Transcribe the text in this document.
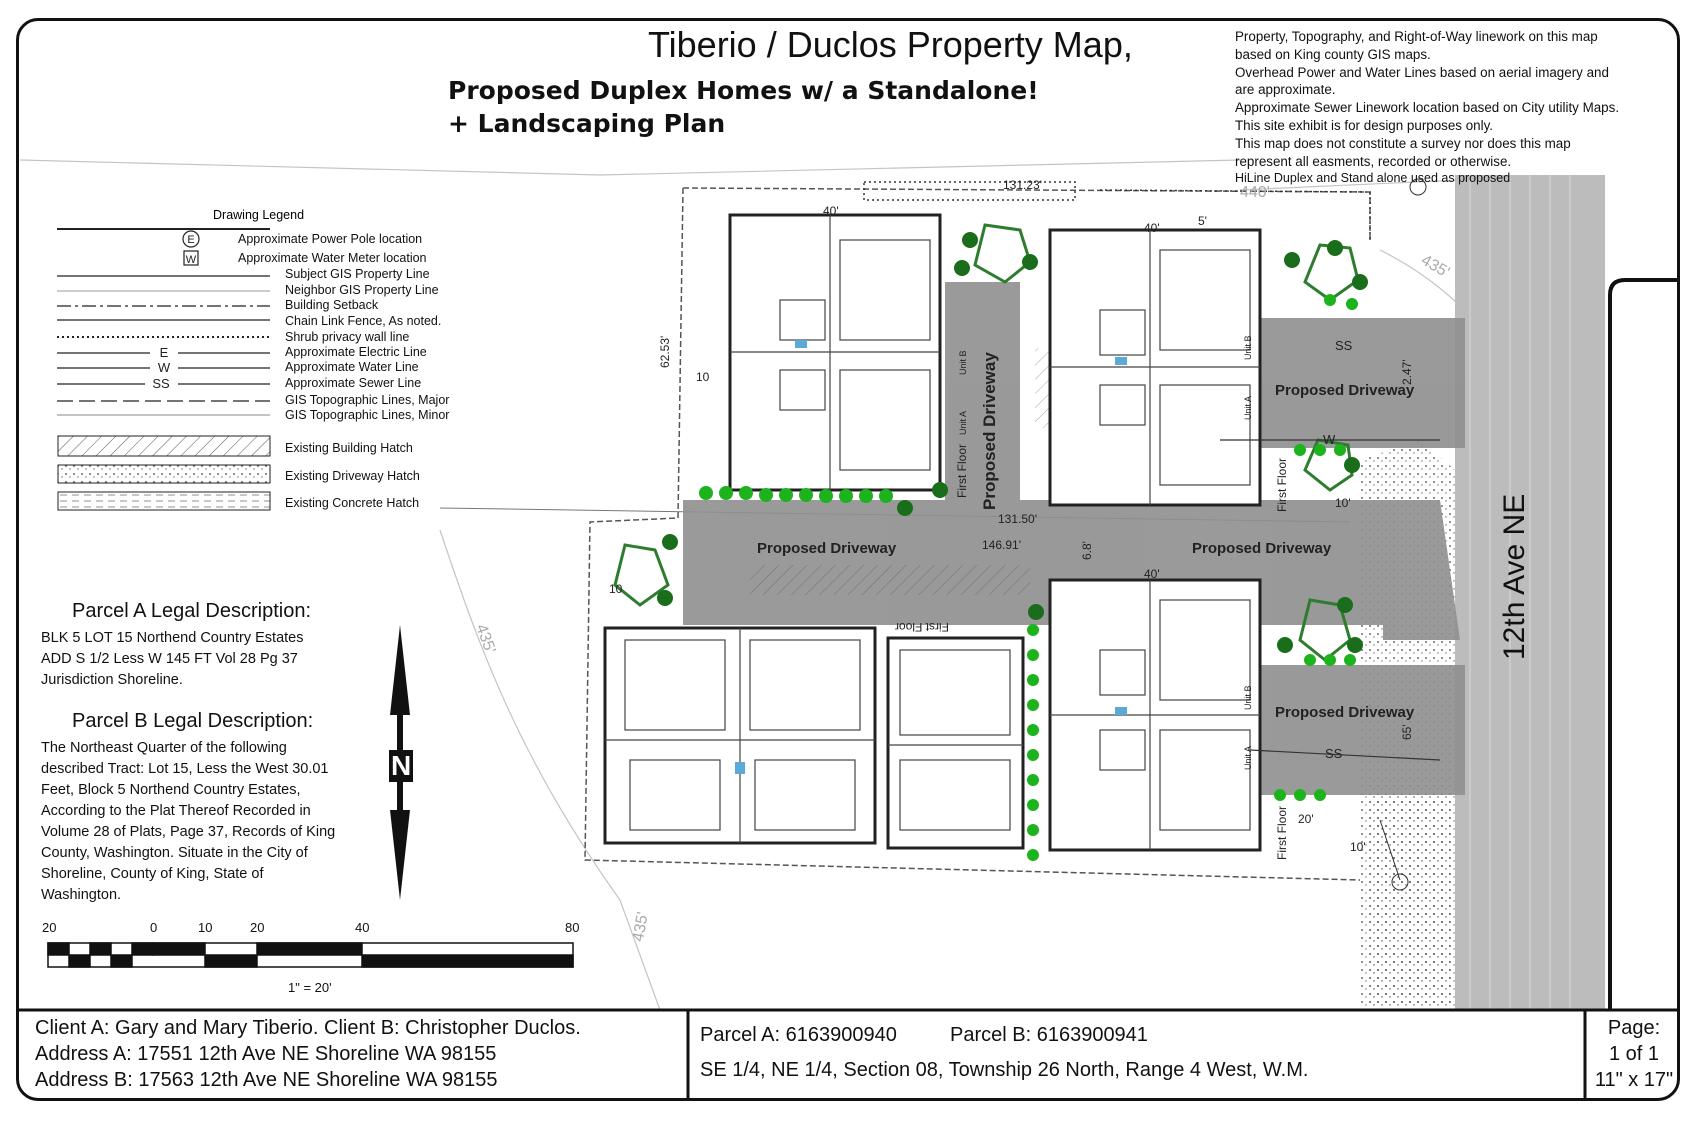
E
W
E
W
SS
Tiberio / Duclos Property Map,
Proposed Duplex Homes w/ a Standalone!
+ Landscaping Plan
Property, Topography, and Right-of-Way linework on this map
based on King county GIS maps.
Overhead Power and Water Lines based on aerial imagery and
are approximate.
Approximate Sewer Linework location based on City utility Maps.
This site exhibit is for design purposes only.
This map does not constitute a survey nor does this map
represent all easments, recorded or otherwise.
HiLine Duplex and Stand alone used as proposed
Drawing Legend
Approximate Power Pole location
Approximate Water Meter location
Subject GIS Property Line
Neighbor GIS Property Line
Building Setback
Chain Link Fence, As noted.
Shrub privacy wall line
Approximate Electric Line
Approximate Water Line
Approximate Sewer Line
GIS Topographic Lines, Major
GIS Topographic Lines, Minor
Existing Building Hatch
Existing Driveway Hatch
Existing Concrete Hatch
Parcel A Legal Description:
BLK 5 LOT 15 Northend Country Estates
ADD S 1/2 Less W 145 FT Vol 28 Pg 37
Jurisdiction Shoreline.
Parcel B Legal Description:
The Northeast Quarter of the following
described Tract: Lot 15, Less the West 30.01
Feet, Block 5 Northend Country Estates,
According to the Plat Thereof Recorded in
Volume 28 of Plats, Page 37, Records of King
County, Washington. Situate in the City of
Shoreline, County of King, State of
Washington.
N
20	0	10	20	40	80
1" = 20'
Proposed Driveway	Proposed Driveway
Proposed Driveway
Proposed Driveway
Proposed Driveway
131.23'
131.50'
146.91'
62.53'
40'
40'
40'
10
10
20'
10'
10'
5'
6.8'
440'
435'
435'
435'
65'
2.47'
SS
SS
W
First Floor	First Floor
First Floor
First Floor
Unit B
Unit A
Unit B
Unit A
Unit B
Unit A
12th Ave NE
Client A: Gary and Mary Tiberio. Client B: Christopher Duclos.
Address A: 17551 12th Ave NE Shoreline WA 98155
Address B: 17563 12th Ave NE Shoreline WA 98155
Parcel A: 6163900940	Parcel B: 6163900941
SE 1/4, NE 1/4, Section 08, Township 26 North, Range 4 West, W.M.
Page:
1 of 1
11" x 17"
